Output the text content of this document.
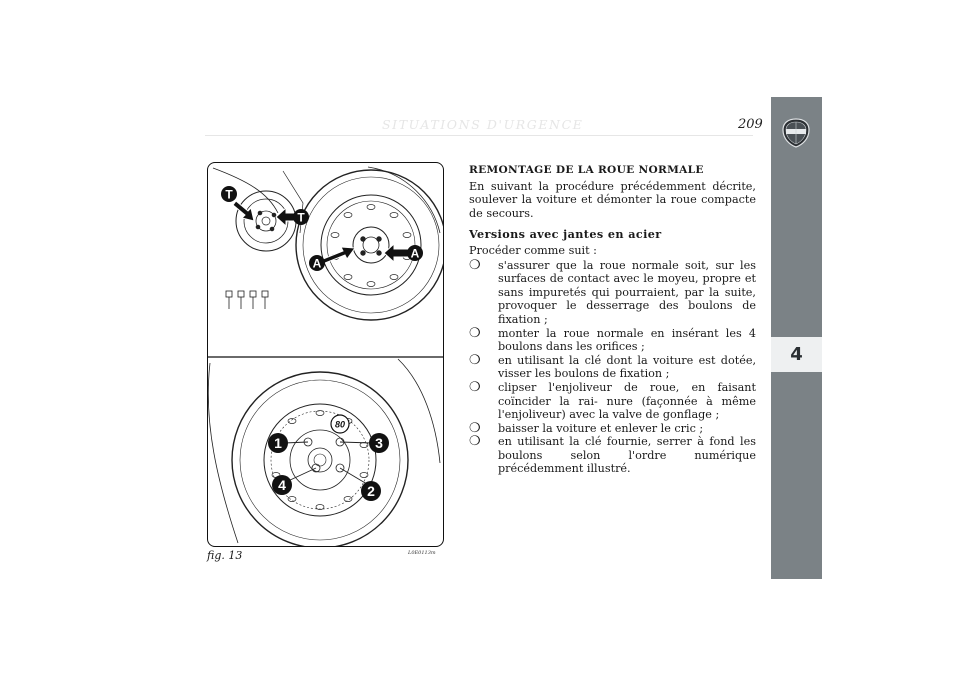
SITUATIONS D'URGENCE	209
4
T
T
A
A
1	3
2
4
80
fig. 13	L0E0113m
REMONTAGE DE LA ROUE NORMALE
En suivant la procédure précédemment décrite, soulever la voiture et démonter la roue compacte de secours.
Versions avec jantes en acier
Procéder comme suit :
❍ s'assurer que la roue normale soit, sur les surfaces de contact avec le moyeu, propre et sans impuretés qui pourraient, par la suite, provoquer le desserrage des boulons de fixation ;
❍ monter la roue normale en insérant les 4 boulons dans les orifices ;
❍ en utilisant la clé dont la voiture est dotée, visser les boulons de fixation ;
❍ clipser l'enjoliveur de roue, en faisant coïncider la rai- nure (façonnée à même l'enjoliveur) avec la valve de gonflage ;
❍ baisser la voiture et enlever le cric ;
❍ en utilisant la clé fournie, serrer à fond les boulons selon l'ordre numérique précédemment illustré.
